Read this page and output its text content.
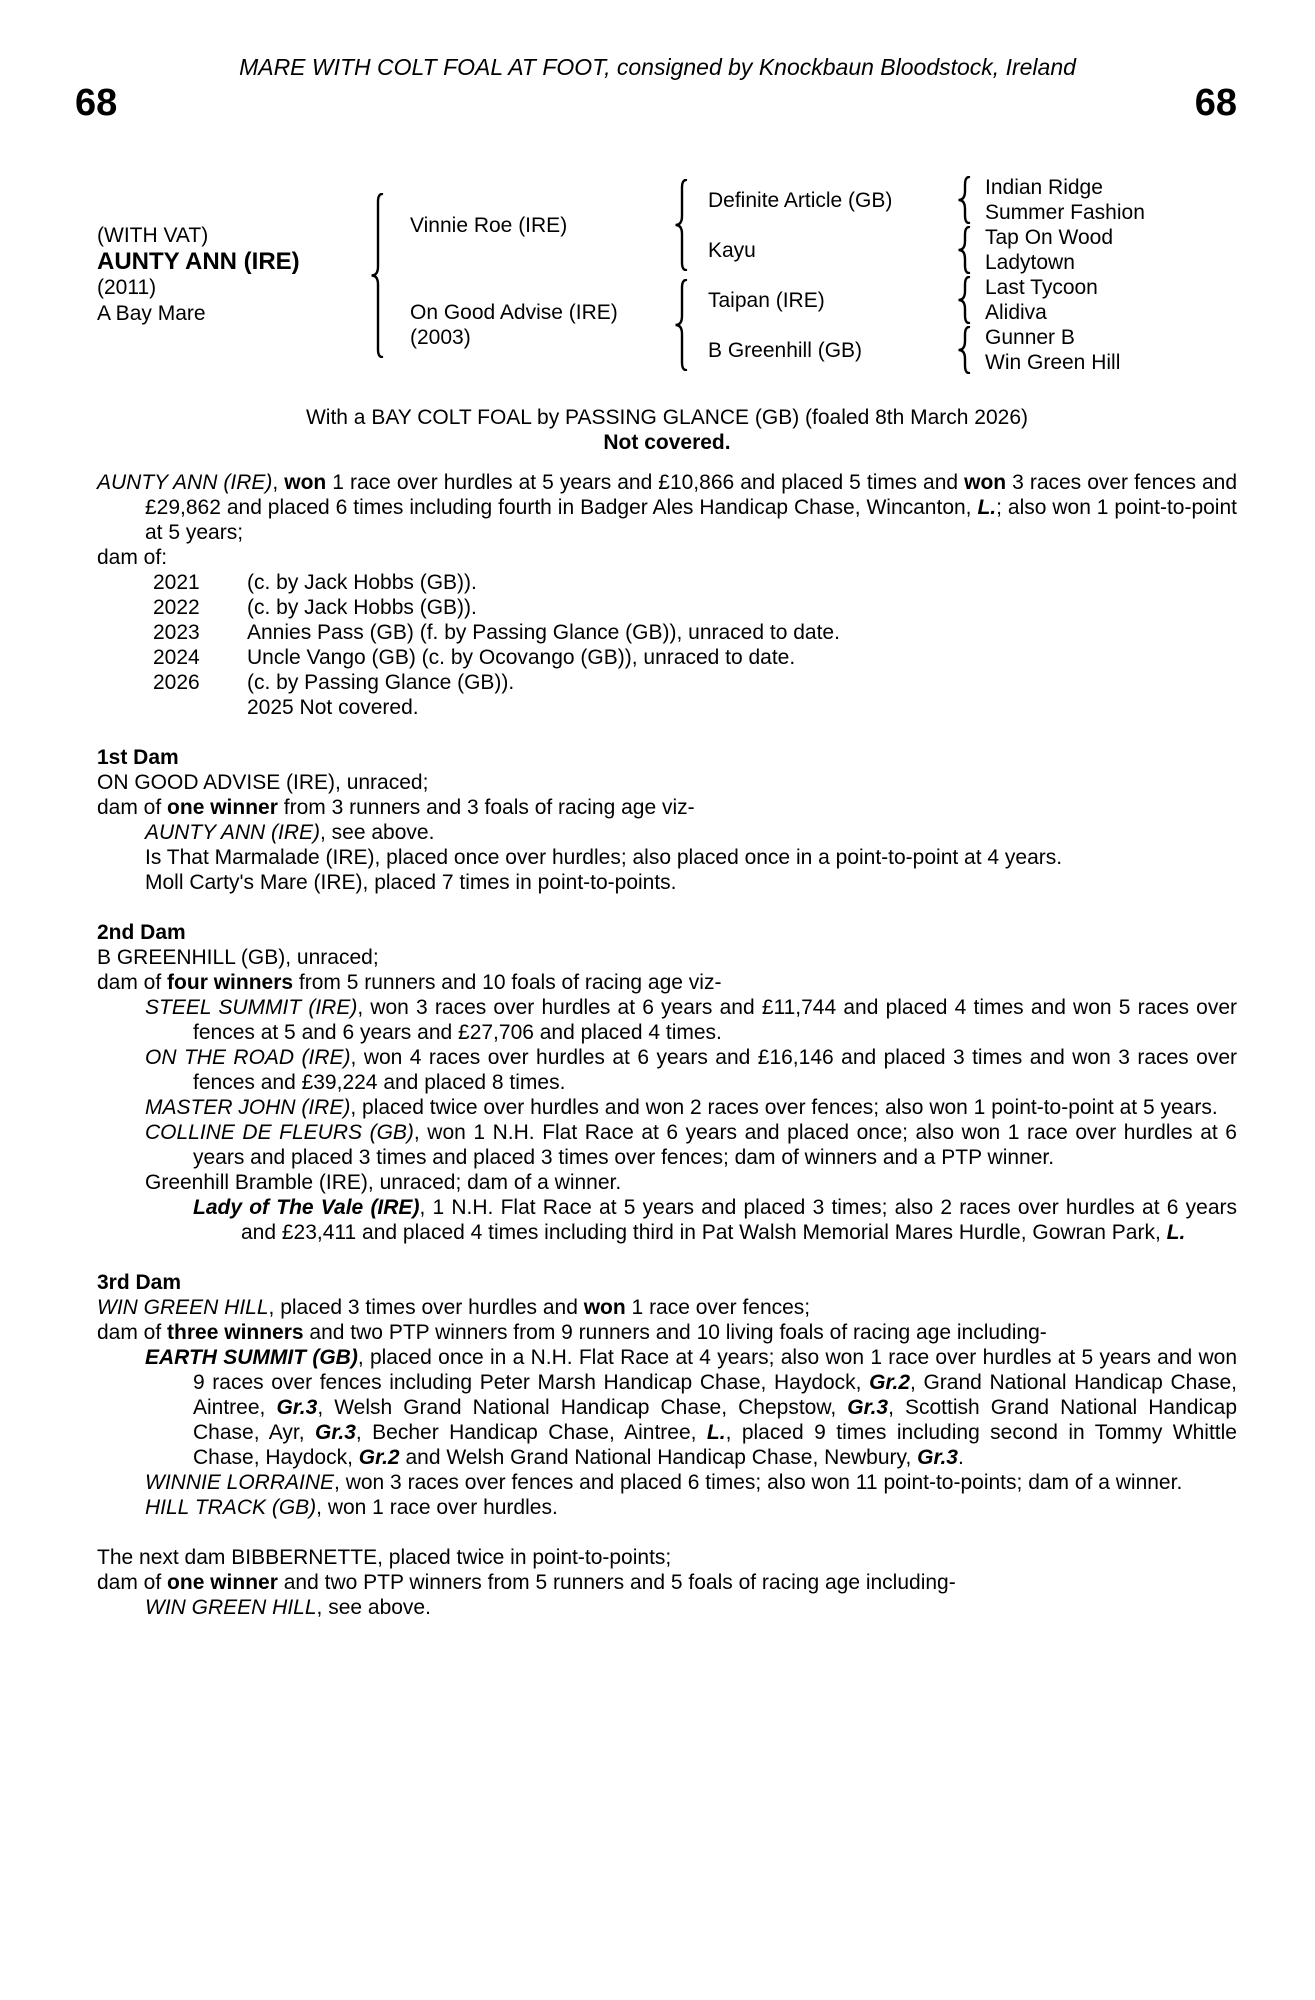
MARE WITH COLT FOAL AT FOOT, consigned by Knockbaun Bloodstock, Ireland
68	68
(WITH VAT)
AUNTY ANN (IRE)
(2011)
A Bay Mare
Vinnie Roe (IRE)
On Good Advise (IRE)
(2003)
Definite Article (GB)
Kayu
Taipan (IRE)
B Greenhill (GB)
Indian Ridge
Summer Fashion
Tap On Wood
Ladytown
Last Tycoon
Alidiva
Gunner B
Win Green Hill
With a BAY COLT FOAL by PASSING GLANCE (GB) (foaled 8th March 2026)
Not covered.

AUNTY ANN (IRE), won 1 race over hurdles at 5 years and £10,866 and placed 5 times and won 3 races over fences and £29,862 and placed 6 times including fourth in Badger Ales Handicap Chase, Wincanton, L.; also won 1 point-to-point at 5 years;

dam of:

2021	(c. by Jack Hobbs (GB)).
2022	(c. by Jack Hobbs (GB)).
2023	Annies Pass (GB) (f. by Passing Glance (GB)), unraced to date.
2024	Uncle Vango (GB) (c. by Ocovango (GB)), unraced to date.
2026	(c. by Passing Glance (GB)).
2025 Not covered.
1st Dam

ON GOOD ADVISE (IRE), unraced;

dam of one winner from 3 runners and 3 foals of racing age viz-

AUNTY ANN (IRE), see above.

Is That Marmalade (IRE), placed once over hurdles; also placed once in a point-to-point at 4 years.

Moll Carty's Mare (IRE), placed 7 times in point-to-points.

2nd Dam

B GREENHILL (GB), unraced;

dam of four winners from 5 runners and 10 foals of racing age viz-

STEEL SUMMIT (IRE), won 3 races over hurdles at 6 years and £11,744 and placed 4 times and won 5 races over fences at 5 and 6 years and £27,706 and placed 4 times.

ON THE ROAD (IRE), won 4 races over hurdles at 6 years and £16,146 and placed 3 times and won 3 races over fences and £39,224 and placed 8 times.

MASTER JOHN (IRE), placed twice over hurdles and won 2 races over fences; also won 1 point-to-point at 5 years.

COLLINE DE FLEURS (GB), won 1 N.H. Flat Race at 6 years and placed once; also won 1 race over hurdles at 6 years and placed 3 times and placed 3 times over fences; dam of winners and a PTP winner.

Greenhill Bramble (IRE), unraced; dam of a winner.

Lady of The Vale (IRE), 1 N.H. Flat Race at 5 years and placed 3 times; also 2 races over hurdles at 6 years and £23,411 and placed 4 times including third in Pat Walsh Memorial Mares Hurdle, Gowran Park, L.

3rd Dam

WIN GREEN HILL, placed 3 times over hurdles and won 1 race over fences;

dam of three winners and two PTP winners from 9 runners and 10 living foals of racing age including-

EARTH SUMMIT (GB), placed once in a N.H. Flat Race at 4 years; also won 1 race over hurdles at 5 years and won 9 races over fences including Peter Marsh Handicap Chase, Haydock, Gr.2, Grand National Handicap Chase, Aintree, Gr.3, Welsh Grand National Handicap Chase, Chepstow, Gr.3, Scottish Grand National Handicap Chase, Ayr, Gr.3, Becher Handicap Chase, Aintree, L., placed 9 times including second in Tommy Whittle Chase, Haydock, Gr.2 and Welsh Grand National Handicap Chase, Newbury, Gr.3.

WINNIE LORRAINE, won 3 races over fences and placed 6 times; also won 11 point-to-points; dam of a winner.

HILL TRACK (GB), won 1 race over hurdles.

The next dam BIBBERNETTE, placed twice in point-to-points;

dam of one winner and two PTP winners from 5 runners and 5 foals of racing age including-

WIN GREEN HILL, see above.
